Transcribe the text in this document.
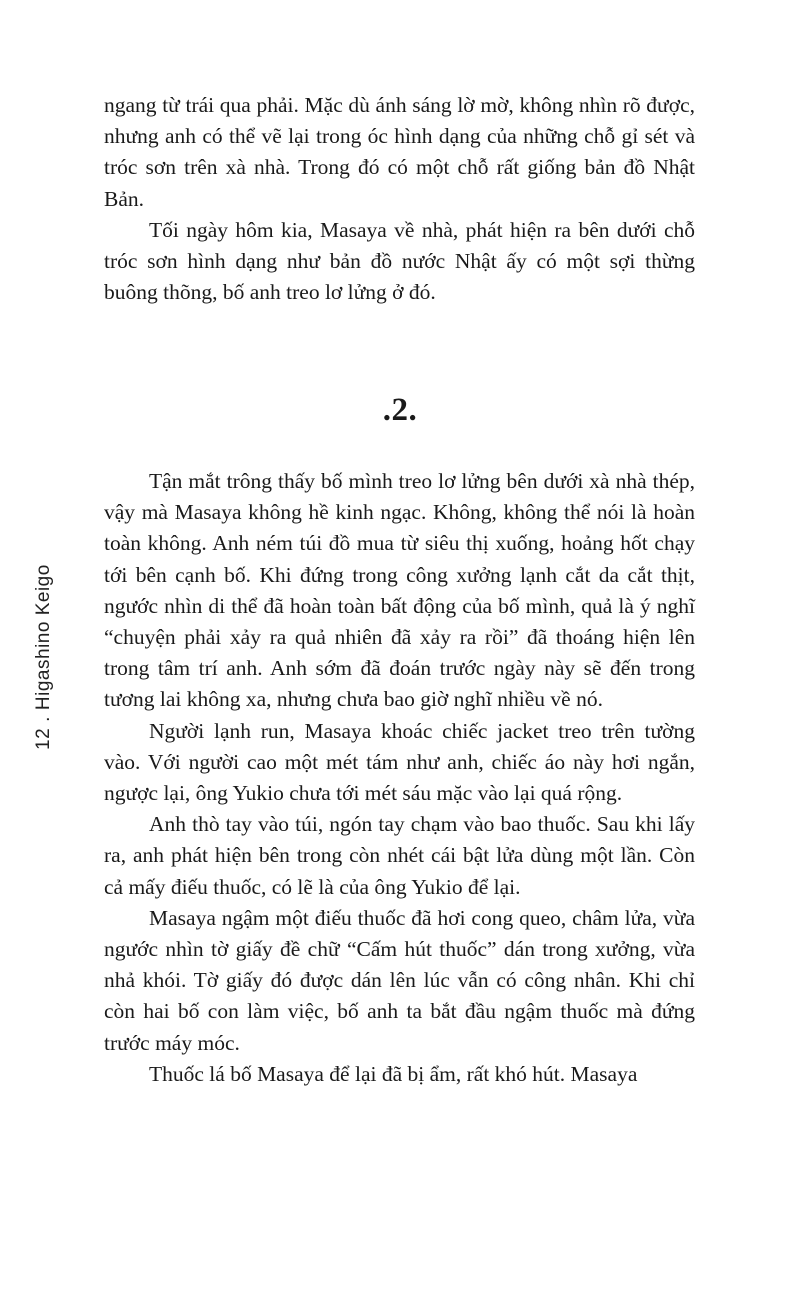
12.Higashino Keigo

ngang từ trái qua phải. Mặc dù ánh sáng lờ mờ, không nhìn rõ được, nhưng anh có thể vẽ lại trong óc hình dạng của những chỗ gỉ sét và tróc sơn trên xà nhà. Trong đó có một chỗ rất giống bản đồ Nhật Bản.

Tối ngày hôm kia, Masaya về nhà, phát hiện ra bên dưới chỗ tróc sơn hình dạng như bản đồ nước Nhật ấy có một sợi thừng buông thõng, bố anh treo lơ lửng ở đó.

.2.

Tận mắt trông thấy bố mình treo lơ lửng bên dưới xà nhà thép, vậy mà Masaya không hề kinh ngạc. Không, không thể nói là hoàn toàn không. Anh ném túi đồ mua từ siêu thị xuống, hoảng hốt chạy tới bên cạnh bố. Khi đứng trong công xưởng lạnh cắt da cắt thịt, ngước nhìn di thể đã hoàn toàn bất động của bố mình, quả là ý nghĩ “chuyện phải xảy ra quả nhiên đã xảy ra rồi” đã thoáng hiện lên trong tâm trí anh. Anh sớm đã đoán trước ngày này sẽ đến trong tương lai không xa, nhưng chưa bao giờ nghĩ nhiều về nó.

Người lạnh run, Masaya khoác chiếc jacket treo trên tường vào. Với người cao một mét tám như anh, chiếc áo này hơi ngắn, ngược lại, ông Yukio chưa tới mét sáu mặc vào lại quá rộng.

Anh thò tay vào túi, ngón tay chạm vào bao thuốc. Sau khi lấy ra, anh phát hiện bên trong còn nhét cái bật lửa dùng một lần. Còn cả mấy điếu thuốc, có lẽ là của ông Yukio để lại.

Masaya ngậm một điếu thuốc đã hơi cong queo, châm lửa, vừa ngước nhìn tờ giấy đề chữ “Cấm hút thuốc” dán trong xưởng, vừa nhả khói. Tờ giấy đó được dán lên lúc vẫn có công nhân. Khi chỉ còn hai bố con làm việc, bố anh ta bắt đầu ngậm thuốc mà đứng trước máy móc.

Thuốc lá bố Masaya để lại đã bị ẩm, rất khó hút. Masaya
